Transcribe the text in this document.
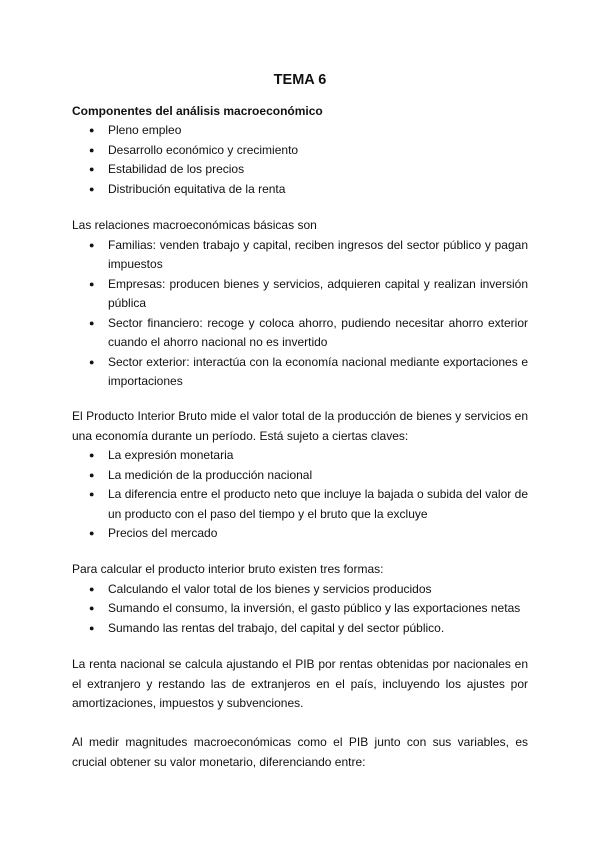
TEMA 6

Componentes del análisis macroeconómico

● Pleno empleo
● Desarrollo económico y crecimiento
● Estabilidad de los precios
● Distribución equitativa de la renta

Las relaciones macroeconómicas básicas son

● Familias: venden trabajo y capital, reciben ingresos del sector público y pagan impuestos
● Empresas: producen bienes y servicios, adquieren capital y realizan inversión pública
● Sector financiero: recoge y coloca ahorro, pudiendo necesitar ahorro exterior cuando el ahorro nacional no es invertido
● Sector exterior: interactúa con la economía nacional mediante exportaciones e importaciones

El Producto Interior Bruto mide el valor total de la producción de bienes y servicios en una economía durante un período. Está sujeto a ciertas claves:

● La expresión monetaria
● La medición de la producción nacional
● La diferencia entre el producto neto que incluye la bajada o subida del valor de un producto con el paso del tiempo y el bruto que la excluye
● Precios del mercado

Para calcular el producto interior bruto existen tres formas:

● Calculando el valor total de los bienes y servicios producidos
● Sumando el consumo, la inversión, el gasto público y las exportaciones netas
● Sumando las rentas del trabajo, del capital y del sector público.

La renta nacional se calcula ajustando el PIB por rentas obtenidas por nacionales en el extranjero y restando las de extranjeros en el país, incluyendo los ajustes por amortizaciones, impuestos y subvenciones.

Al medir magnitudes macroeconómicas como el PIB junto con sus variables, es crucial obtener su valor monetario, diferenciando entre:
